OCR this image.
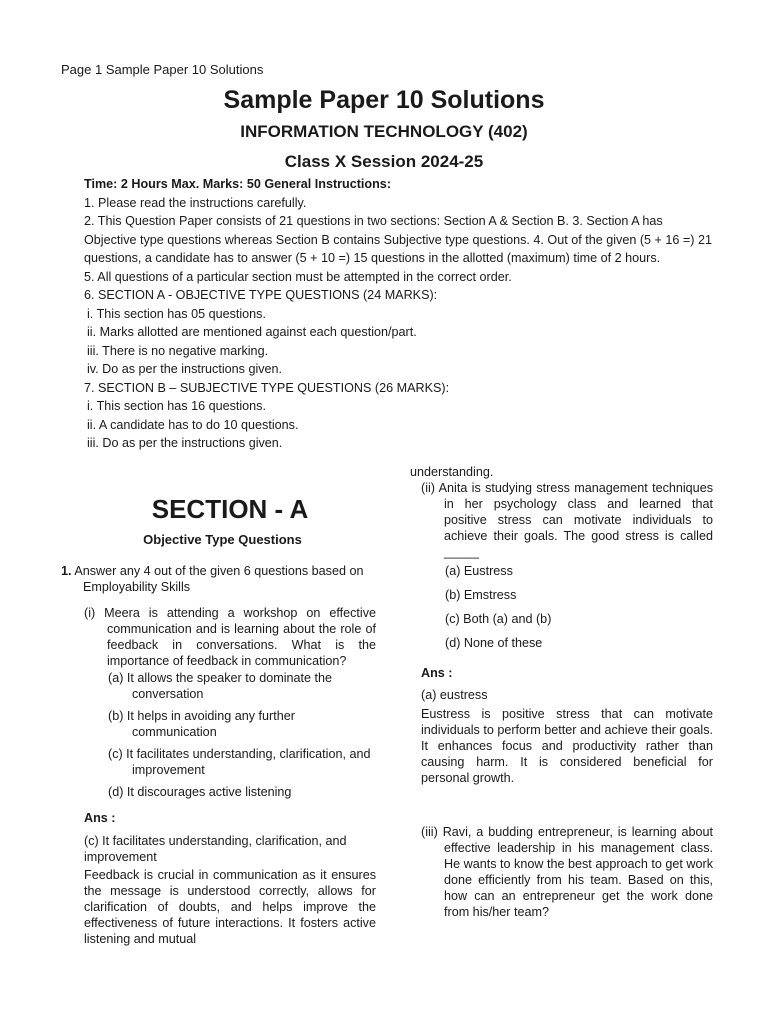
Page 1 Sample Paper 10 Solutions
Sample Paper 10 Solutions
INFORMATION TECHNOLOGY (402)
Class X Session 2024-25
Time: 2 Hours Max. Marks: 50 General Instructions:
1. Please read the instructions carefully.
2. This Question Paper consists of 21 questions in two sections: Section A & Section B. 3. Section A has Objective type questions whereas Section B contains Subjective type questions. 4. Out of the given (5 + 16 =) 21 questions, a candidate has to answer (5 + 10 =) 15 questions in the allotted (maximum) time of 2 hours.
5. All questions of a particular section must be attempted in the correct order.
6. SECTION A - OBJECTIVE TYPE QUESTIONS (24 MARKS):
i. This section has 05 questions.
ii. Marks allotted are mentioned against each question/part.
iii. There is no negative marking.
iv. Do as per the instructions given.
7. SECTION B – SUBJECTIVE TYPE QUESTIONS (26 MARKS):
i. This section has 16 questions.
ii. A candidate has to do 10 questions.
iii. Do as per the instructions given.
SECTION - A
Objective Type Questions
1. Answer any 4 out of the given 6 questions based on Employability Skills
(i) Meera is attending a workshop on effective communication and is learning about the role of feedback in conversations. What is the importance of feedback in communication?
(a) It allows the speaker to dominate the conversation
(b) It helps in avoiding any further communication
(c) It facilitates understanding, clarification, and improvement
(d) It discourages active listening
Ans :
(c) It facilitates understanding, clarification, and improvement
Feedback is crucial in communication as it ensures the message is understood correctly, allows for clarification of doubts, and helps improve the effectiveness of future interactions. It fosters active listening and mutual
understanding.
(ii) Anita is studying stress management techniques in her psychology class and learned that positive stress can motivate individuals to achieve their goals. The good stress is called _____
(a) Eustress
(b) Emstress
(c) Both (a) and (b)
(d) None of these
Ans :
(a) eustress
Eustress is positive stress that can motivate individuals to perform better and achieve their goals. It enhances focus and productivity rather than causing harm. It is considered beneficial for personal growth.
(iii) Ravi, a budding entrepreneur, is learning about effective leadership in his management class. He wants to know the best approach to get work done efficiently from his team. Based on this, how can an entrepreneur get the work done from his/her team?
